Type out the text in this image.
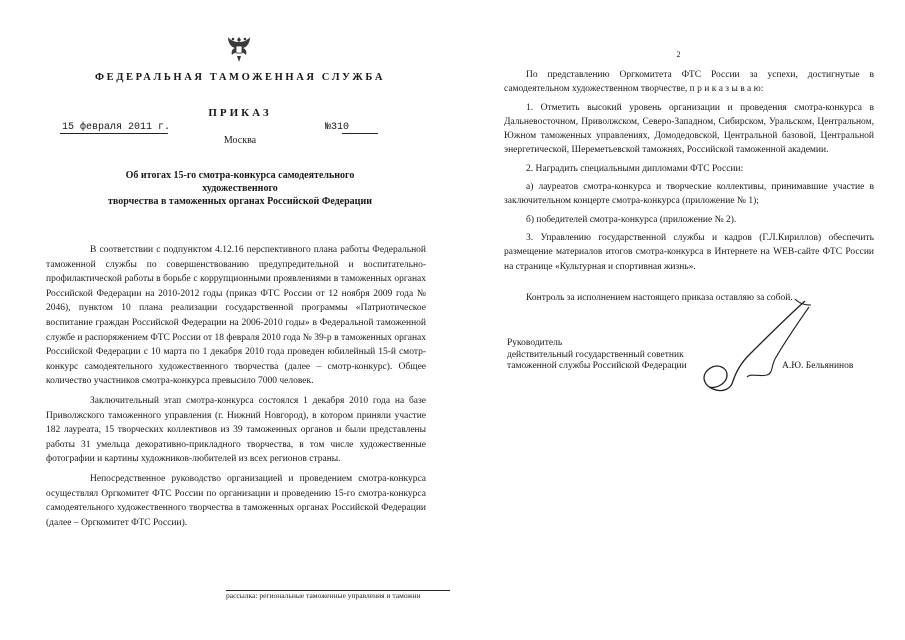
ФЕДЕРАЛЬНАЯ ТАМОЖЕННАЯ СЛУЖБА
ПРИКАЗ
15 февраля 2011 г.	№310
Москва
Об итогах 15-го смотра-конкурса самодеятельного художественного
творчества в таможенных органах Российской Федерации

В соответствии с подпунктом 4.12.16 перспективного плана работы Федеральной таможенной службы по совершенствованию предупредительной и воспитательно-профилактической работы в борьбе с коррупционными проявлениями в таможенных органах Российской Федерации на 2010-2012 годы (приказ ФТС России от 12 ноября 2009 года № 2046), пунктом 10 плана реализации государственной программы «Патриотическое воспитание граждан Российской Федерации на 2006-2010 годы» в Федеральной таможенной службе и распоряжением ФТС России от 18 февраля 2010 года № 39-р в таможенных органах Российской Федерации с 10 марта по 1 декабря 2010 года проведен юбилейный 15-й смотр-конкурс самодеятельного художественного творчества (далее – смотр-конкурс). Общее количество участников смотра-конкурса превысило 7000 человек.

Заключительный этап смотра-конкурса состоялся 1 декабря 2010 года на базе Приволжского таможенного управления (г. Нижний Новгород), в котором приняли участие 182 лауреата, 15 творческих коллективов из 39 таможенных органов и были представлены работы 31 умельца декоративно-прикладного творчества, в том числе художественные фотографии и картины художников-любителей из всех регионов страны.

Непосредственное руководство организацией и проведением смотра-конкурса осуществлял Оргкомитет ФТС России по организации и проведению 15-го смотра-конкурса самодеятельного художественного творчества в таможенных органах Российской Федерации (далее – Оргкомитет ФТС России).

рассылка: региональные таможенные управления и таможни
2

По представлению Оргкомитета ФТС России за успехи, достигнутые в самодеятельном художественном творчестве, п р и к а з ы в а ю:

1. Отметить высокий уровень организации и проведения смотра-конкурса в Дальневосточном, Приволжском, Северо-Западном, Сибирском, Уральском, Центральном, Южном таможенных управлениях, Домодедовской, Центральной базовой, Центральной энергетической, Шереметьевской таможнях, Российской таможенной академии.

2. Наградить специальными дипломами ФТС России:

а) лауреатов смотра-конкурса и творческие коллективы, принимавшие участие в заключительном концерте смотра-конкурса (приложение № 1);

б) победителей смотра-конкурса (приложение № 2).

3. Управлению государственной службы и кадров (Г.Л.Кириллов) обеспечить размещение материалов итогов смотра-конкурса в Интернете на WEB-сайте ФТС России на странице «Культурная и спортивная жизнь».

Контроль за исполнением настоящего приказа оставляю за собой.
Руководитель
действительный государственный советник
таможенной службы Российской Федерации	А.Ю. Бельянинов
